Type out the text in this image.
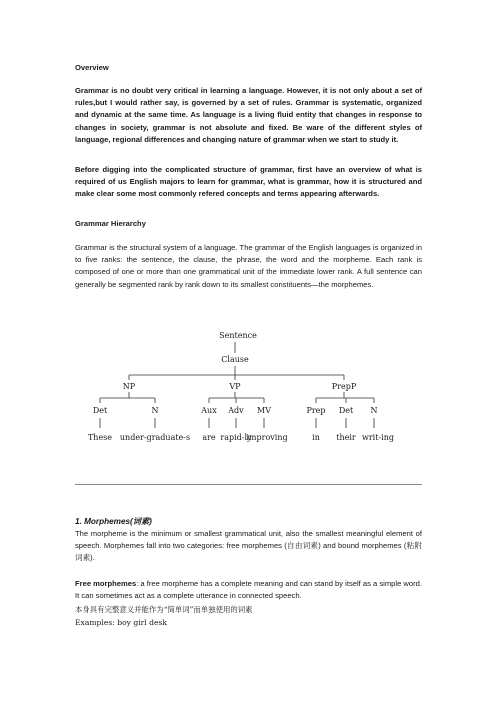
Overview

Grammar is no doubt very critical in learning a language. However, it is not only about a set of rules,but I would rather say, is governed by a set of rules. Grammar is systematic, organized and dynamic at the same time. As language is a living fluid entity that changes in response to changes in society, grammar is not absolute and fixed. Be ware of the different styles of language, regional differences and changing nature of grammar when we start to study it.

Before digging into the complicated structure of grammar, first have an overview of what is required of us English majors to learn for grammar, what is grammar, how it is structured and make clear some most commonly refered concepts and terms appearing afterwards.

Grammar Hierarchy

Grammar is the structural system of a language. The grammar of the English languages is organized in to five ranks: the sentence, the clause, the phrase, the word and the morpheme. Each rank is composed of one or more than one grammatical unit of the immediate lower rank. A full sentence can generally be segmented rank by rank down to its smallest constituents—the morphemes.

Sentence
Clause
NP	VP	PrepP
Det	N	Aux Adv MV	Prep Det N
These under-graduate-s are rapid-ly
improving	in their writ-ing

1. Morphemes(词素)

The morpheme is the minimum or smallest grammatical unit, also the smallest meaningful element of speech. Morphemes fall into two categories: free morphemes (自由词素) and bound morphemes (粘附词素).

Free morphemes: a free morpheme has a complete meaning and can stand by itself as a simple word. It can sometimes act as a complete utterance in connected speech.

本身具有完整意义并能作为“简单词”而单独使用的词素

Examples: boy girl desk
